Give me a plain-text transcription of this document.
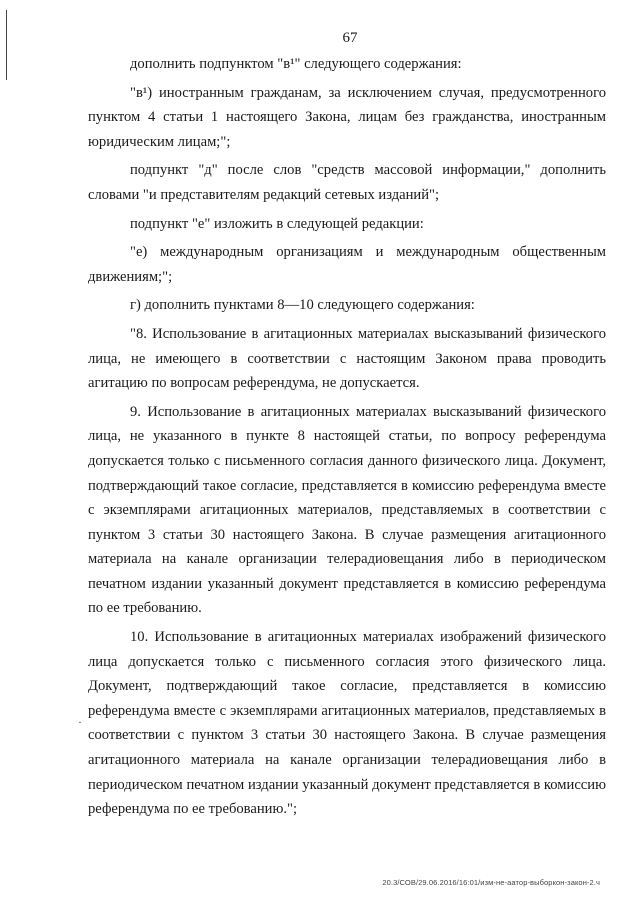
67

дополнить подпунктом "в¹" следующего содержания:

"в¹) иностранным гражданам, за исключением случая, предусмотренного пунктом 4 статьи 1 настоящего Закона, лицам без гражданства, иностранным юридическим лицам;";

подпункт "д" после слов "средств массовой информации," дополнить словами "и представителям редакций сетевых изданий";

подпункт "е" изложить в следующей редакции:

"е) международным организациям и международным общественным движениям;";

г) дополнить пунктами 8—10 следующего содержания:

"8. Использование в агитационных материалах высказываний физического лица, не имеющего в соответствии с настоящим Законом права проводить агитацию по вопросам референдума, не допускается.

9. Использование в агитационных материалах высказываний физического лица, не указанного в пункте 8 настоящей статьи, по вопросу референдума допускается только с письменного согласия данного физического лица. Документ, подтверждающий такое согласие, представляется в комиссию референдума вместе с экземплярами агитационных материалов, представляемых в соответствии с пунктом 3 статьи 30 настоящего Закона. В случае размещения агитационного материала на канале организации телерадиовещания либо в периодическом печатном издании указанный документ представляется в комиссию референдума по ее требованию.

10. Использование в агитационных материалах изображений физического лица допускается только с письменного согласия этого физического лица. Документ, подтверждающий такое согласие, представляется в комиссию референдума вместе с экземплярами агитационных материалов, представляемых в соответствии с пунктом 3 статьи 30 настоящего Закона. В случае размещения агитационного материала на канале организации телерадиовещания либо в периодическом печатном издании указанный документ представляется в комиссию референдума по ее требованию.";

·
20.3/СОВ/29.06.2016/16:01/изм-не-аатор-выборкон-закон-2.ч
